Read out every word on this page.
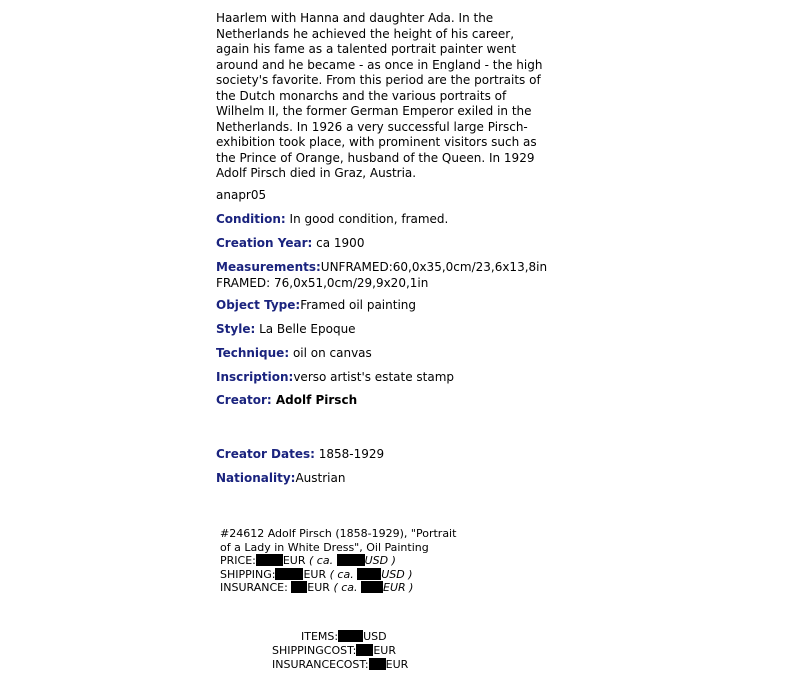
Haarlem with Hanna and daughter Ada. In the Netherlands he achieved the height of his career, again his fame as a talented portrait painter went around and he became - as once in England - the high society's favorite. From this period are the portraits of the Dutch monarchs and the various portraits of Wilhelm II, the former German Emperor exiled in the Netherlands. In 1926 a very successful large Pirsch-exhibition took place, with prominent visitors such as the Prince of Orange, husband of the Queen. In 1929 Adolf Pirsch died in Graz, Austria.
anapr05
Condition: In good condition, framed.
Creation Year: ca 1900
Measurements:UNFRAMED:60,0x35,0cm/23,6x13,8in
FRAMED: 76,0x51,0cm/29,9x20,1in
Object Type:Framed oil painting
Style: La Belle Epoque
Technique: oil on canvas
Inscription:verso artist's estate stamp
Creator: Adolf Pirsch
Creator Dates: 1858-1929
Nationality:Austrian
#24612 Adolf Pirsch (1858-1929), "Portrait of a Lady in White Dress", Oil Painting
PRICE: EUR ( ca.	USD )
SHIPPING:	EUR ( ca. USD )
INSURANCE: EUR ( ca. EUR )
ITEMS: USD
SHIPPINGCOST: EUR
INSURANCECOST: EUR
